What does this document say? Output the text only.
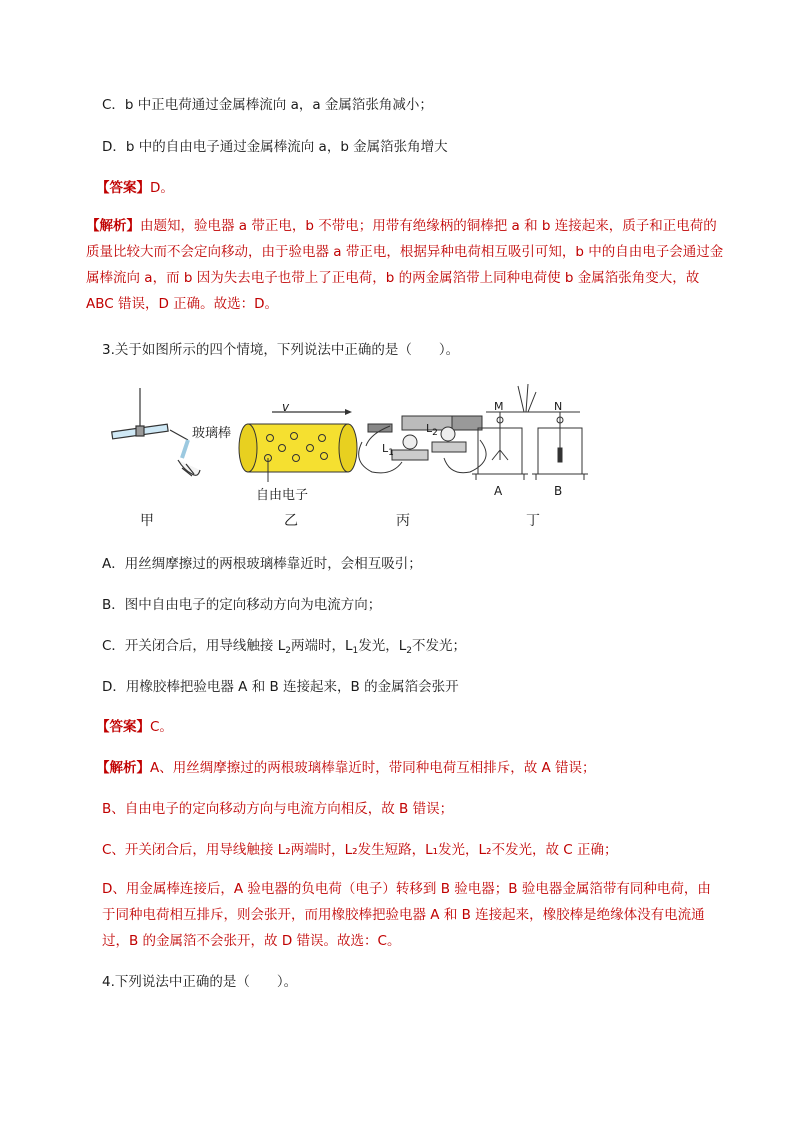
C．b 中正电荷通过金属棒流向 a，a 金属箔张角减小；
D．b 中的自由电子通过金属棒流向 a，b 金属箔张角增大
【答案】D。
【解析】由题知，验电器 a 带正电，b 不带电；用带有绝缘柄的铜棒把 a 和 b 连接起来，质子和正电荷的质量比较大而不会定向移动，由于验电器 a 带正电，根据异种电荷相互吸引可知，b 中的自由电子会通过金属棒流向 a，而 b 因为失去电子也带上了正电荷，b 的两金属箔带上同种电荷使 b 金属箔张角变大，故 ABC 错误，D 正确。故选：D。
3.关于如图所示的四个情境，下列说法中正确的是（　　）。
玻璃棒
v
自由电子
$L_1$
$L_2$
M	N
A	B
甲	乙	丙	丁
A．用丝绸摩擦过的两根玻璃棒靠近时，会相互吸引；
B．图中自由电子的定向移动方向为电流方向；
C．开关闭合后，用导线触接 $L_2$两端时，$L_1$发光，$L_2$不发光；
D．用橡胶棒把验电器 A 和 B 连接起来，B 的金属箔会张开
【答案】C。
【解析】A、用丝绸摩擦过的两根玻璃棒靠近时，带同种电荷互相排斥，故 A 错误；
B、自由电子的定向移动方向与电流方向相反，故 B 错误；
C、开关闭合后，用导线触接 L₂两端时，L₂发生短路，L₁发光，L₂不发光，故 C 正确；
D、用金属棒连接后，A 验电器的负电荷（电子）转移到 B 验电器；B 验电器金属箔带有同种电荷，由于同种电荷相互排斥，则会张开，而用橡胶棒把验电器 A 和 B 连接起来，橡胶棒是绝缘体没有电流通过，B 的金属箔不会张开，故 D 错误。故选：C。
4.下列说法中正确的是（　　）。
